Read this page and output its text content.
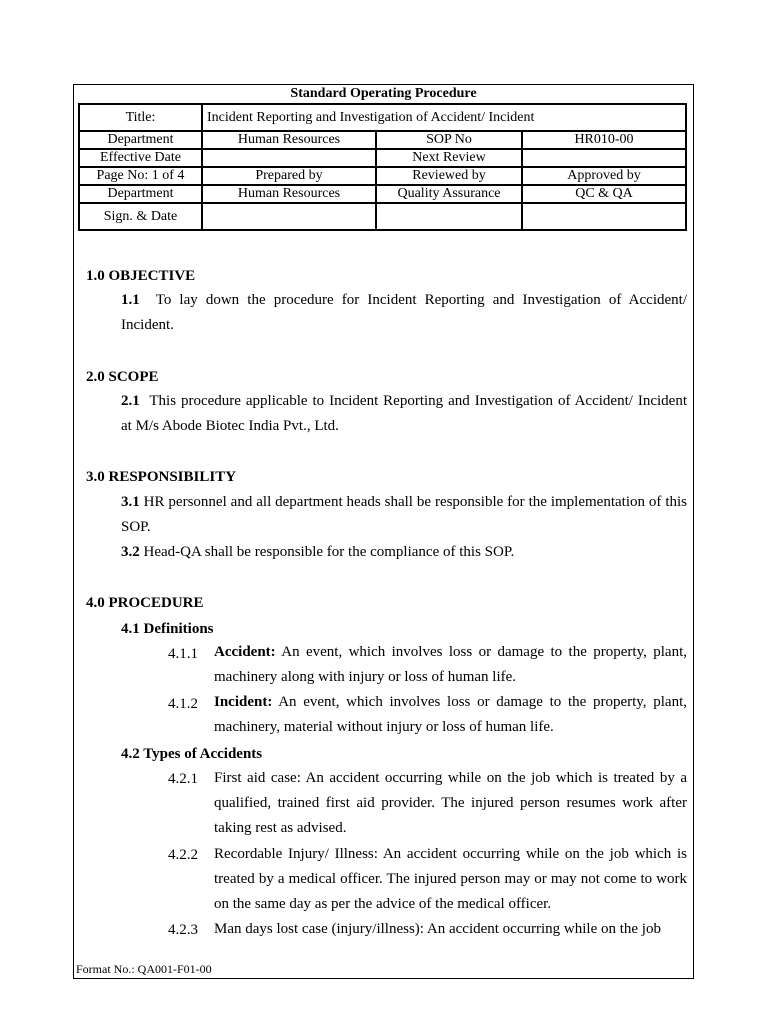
Standard Operating Procedure
Title:	Incident Reporting and Investigation of Accident/ Incident		
Department	Human Resources	SOP No	HR010-00
Effective Date		Next Review	
Page No: 1 of 4	Prepared by	Reviewed by	Approved by
Department	Human Resources	Quality Assurance	QC & QA
Sign. & Date			
1.0 OBJECTIVE
1.1 To lay down the procedure for Incident Reporting and Investigation of Accident/ Incident.
2.0 SCOPE
2.1 This procedure applicable to Incident Reporting and Investigation of Accident/ Incident at M/s Abode Biotec India Pvt., Ltd.
3.0 RESPONSIBILITY
3.1 HR personnel and all department heads shall be responsible for the implementation of this SOP.
3.2 Head-QA shall be responsible for the compliance of this SOP.
4.0 PROCEDURE
4.1 Definitions
4.1.1 Accident: An event, which involves loss or damage to the property, plant, machinery along with injury or loss of human life.
4.1.2 Incident: An event, which involves loss or damage to the property, plant, machinery, material without injury or loss of human life.
4.2 Types of Accidents
4.2.1 First aid case: An accident occurring while on the job which is treated by a qualified, trained first aid provider. The injured person resumes work after taking rest as advised.
4.2.2 Recordable Injury/ Illness: An accident occurring while on the job which is treated by a medical officer. The injured person may or may not come to work on the same day as per the advice of the medical officer.
4.2.3 Man days lost case (injury/illness): An accident occurring while on the job
Format No.: QA001-F01-00
